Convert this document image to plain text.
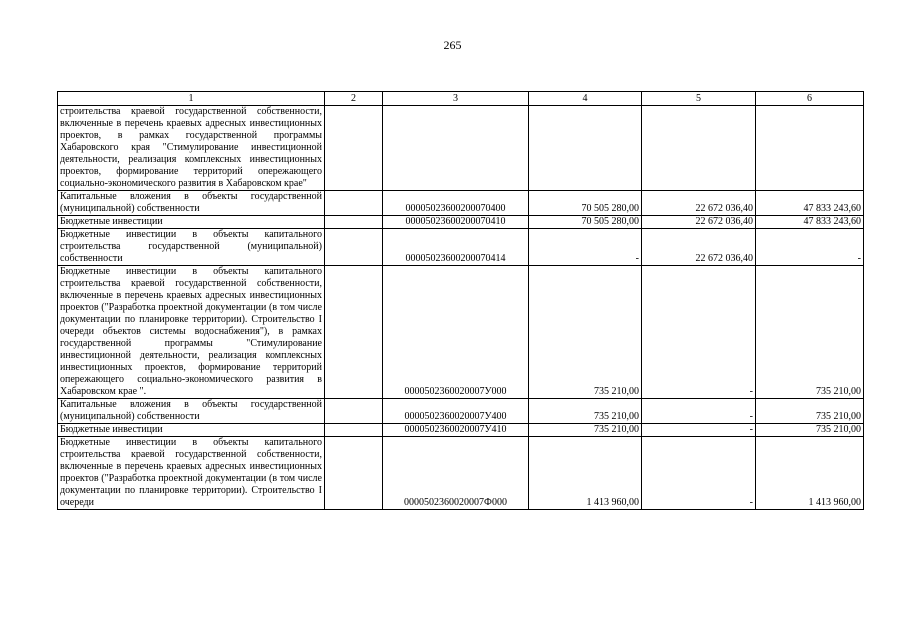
265
1	2	3	4	5	6
строительства краевой государственной собственности, включенные в перечень краевых адресных инвестиционных проектов, в рамках государственной программы Хабаровского края "Стимулирование инвестиционной деятельности, реализация комплексных инвестиционных проектов, формирование территорий опережающего социально-экономического развития в Хабаровском крае"					
Капитальные вложения в объекты государственной (муниципальной) собственности		00005023600200070400	70 505 280,00	22 672 036,40	47 833 243,60
Бюджетные инвестиции		00005023600200070410	70 505 280,00	22 672 036,40	47 833 243,60
Бюджетные инвестиции в объекты капитального строительства государственной (муниципальной) собственности		00005023600200070414	-	22 672 036,40	-
Бюджетные инвестиции в объекты капитального строительства краевой государственной собственности, включенные в перечень краевых адресных инвестиционных проектов ("Разработка проектной документации (в том числе документации по планировке территории). Строительство I очереди объектов системы водоснабжения"), в рамках государственной программы "Стимулирование инвестиционной деятельности, реализация комплексных инвестиционных проектов, формирование территорий опережающего социально-экономического развития в Хабаровском крае ".		0000502360020007У000	735 210,00	-	735 210,00
Капитальные вложения в объекты государственной (муниципальной) собственности		0000502360020007У400	735 210,00	-	735 210,00
Бюджетные инвестиции		0000502360020007У410	735 210,00	-	735 210,00
Бюджетные инвестиции в объекты капитального строительства краевой государственной собственности, включенные в перечень краевых адресных инвестиционных проектов ("Разработка проектной документации (в том числе документации по планировке территории). Строительство I очереди		0000502360020007Ф000	1 413 960,00	-	1 413 960,00
